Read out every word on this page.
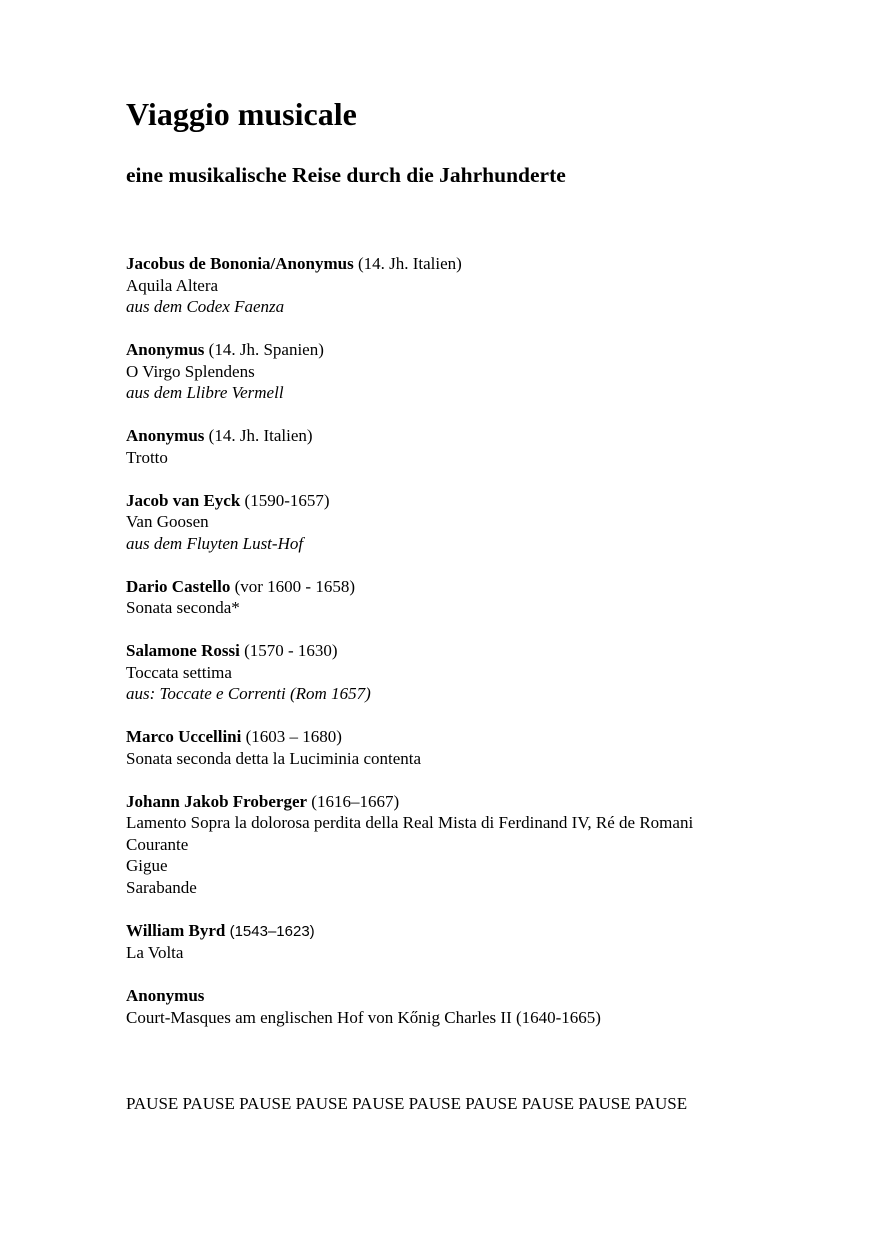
Viaggio musicale
eine musikalische Reise durch die Jahrhunderte
Jacobus de Bononia/Anonymus (14. Jh. Italien)
Aquila Altera
aus dem Codex Faenza
Anonymus (14. Jh. Spanien)
O Virgo Splendens
aus dem Llibre Vermell
Anonymus (14. Jh. Italien)
Trotto
Jacob van Eyck (1590-1657)
Van Goosen
aus dem Fluyten Lust-Hof
Dario Castello (vor 1600 - 1658)
Sonata seconda*
Salamone Rossi (1570 - 1630)
Toccata settima
aus: Toccate e Correnti (Rom 1657)
Marco Uccellini (1603 – 1680)
Sonata seconda detta la Luciminia contenta
Johann Jakob Froberger (1616–1667)
Lamento Sopra la dolorosa perdita della Real Mista di Ferdinand IV, Ré de Romani
Courante
Gigue
Sarabande
William Byrd (1543–1623)
La Volta
Anonymus
Court-Masques am englischen Hof von Kőnig Charles II (1640-1665)

PAUSE PAUSE PAUSE PAUSE PAUSE PAUSE PAUSE PAUSE PAUSE PAUSE
